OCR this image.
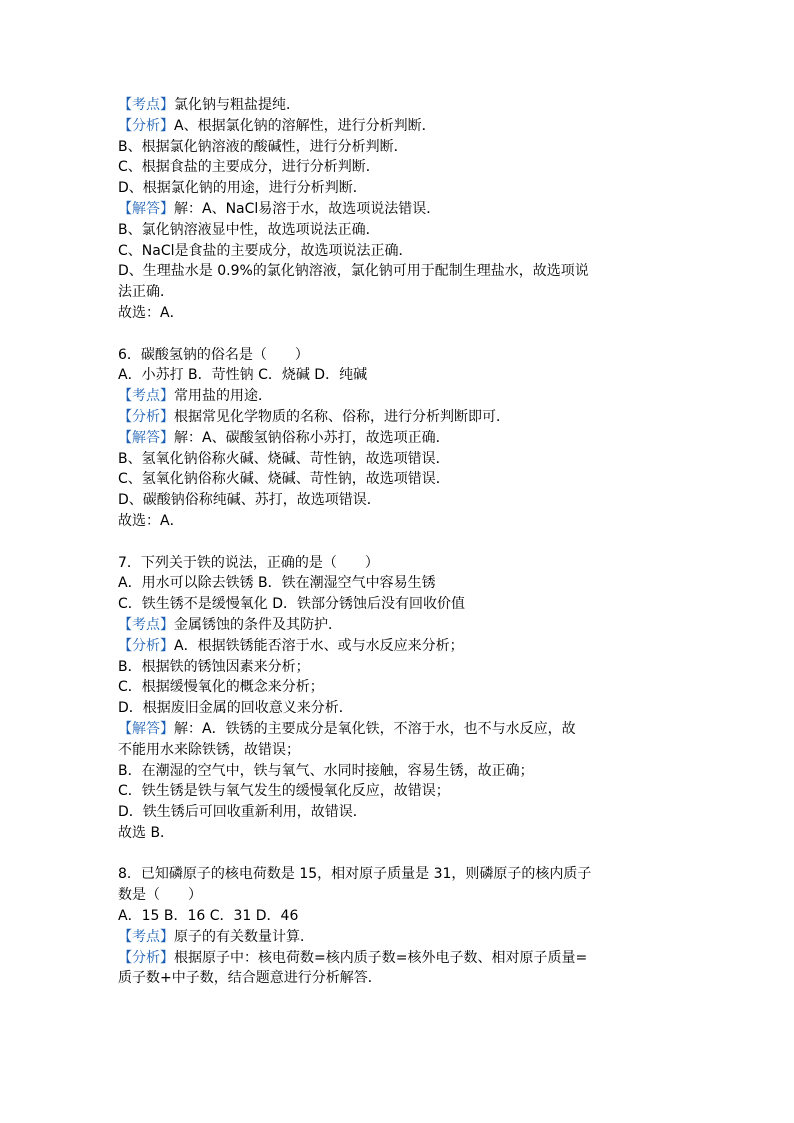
【考点】氯化钠与粗盐提纯．
【分析】A、根据氯化钠的溶解性，进行分析判断．
B、根据氯化钠溶液的酸碱性，进行分析判断．
C、根据食盐的主要成分，进行分析判断．
D、根据氯化钠的用途，进行分析判断．
【解答】解：A、NaCl易溶于水，故选项说法错误．
B、氯化钠溶液显中性，故选项说法正确．
C、NaCl是食盐的主要成分，故选项说法正确．
D、生理盐水是 0.9%的氯化钠溶液，氯化钠可用于配制生理盐水，故选项说
法正确．
故选：A．
6．碳酸氢钠的俗名是（　　）
A．小苏打 B．苛性钠 C．烧碱 D．纯碱
【考点】常用盐的用途．
【分析】根据常见化学物质的名称、俗称，进行分析判断即可．
【解答】解：A、碳酸氢钠俗称小苏打，故选项正确．
B、氢氧化钠俗称火碱、烧碱、苛性钠，故选项错误．
C、氢氧化钠俗称火碱、烧碱、苛性钠，故选项错误．
D、碳酸钠俗称纯碱、苏打，故选项错误．
故选：A．
7．下列关于铁的说法，正确的是（　　）
A．用水可以除去铁锈 B．铁在潮湿空气中容易生锈
C．铁生锈不是缓慢氧化 D．铁部分锈蚀后没有回收价值
【考点】金属锈蚀的条件及其防护．
【分析】A．根据铁锈能否溶于水、或与水反应来分析；
B．根据铁的锈蚀因素来分析；
C．根据缓慢氧化的概念来分析；
D．根据废旧金属的回收意义来分析．
【解答】解：A．铁锈的主要成分是氧化铁，不溶于水，也不与水反应，故
不能用水来除铁锈，故错误；
B．在潮湿的空气中，铁与氧气、水同时接触，容易生锈，故正确；
C．铁生锈是铁与氧气发生的缓慢氧化反应，故错误；
D．铁生锈后可回收重新利用，故错误．
故选 B．
8．已知磷原子的核电荷数是 15，相对原子质量是 31，则磷原子的核内质子
数是（　　）
A．15 B．16 C．31 D．46
【考点】原子的有关数量计算．
【分析】根据原子中：核电荷数=核内质子数=核外电子数、相对原子质量=
质子数+中子数，结合题意进行分析解答．
